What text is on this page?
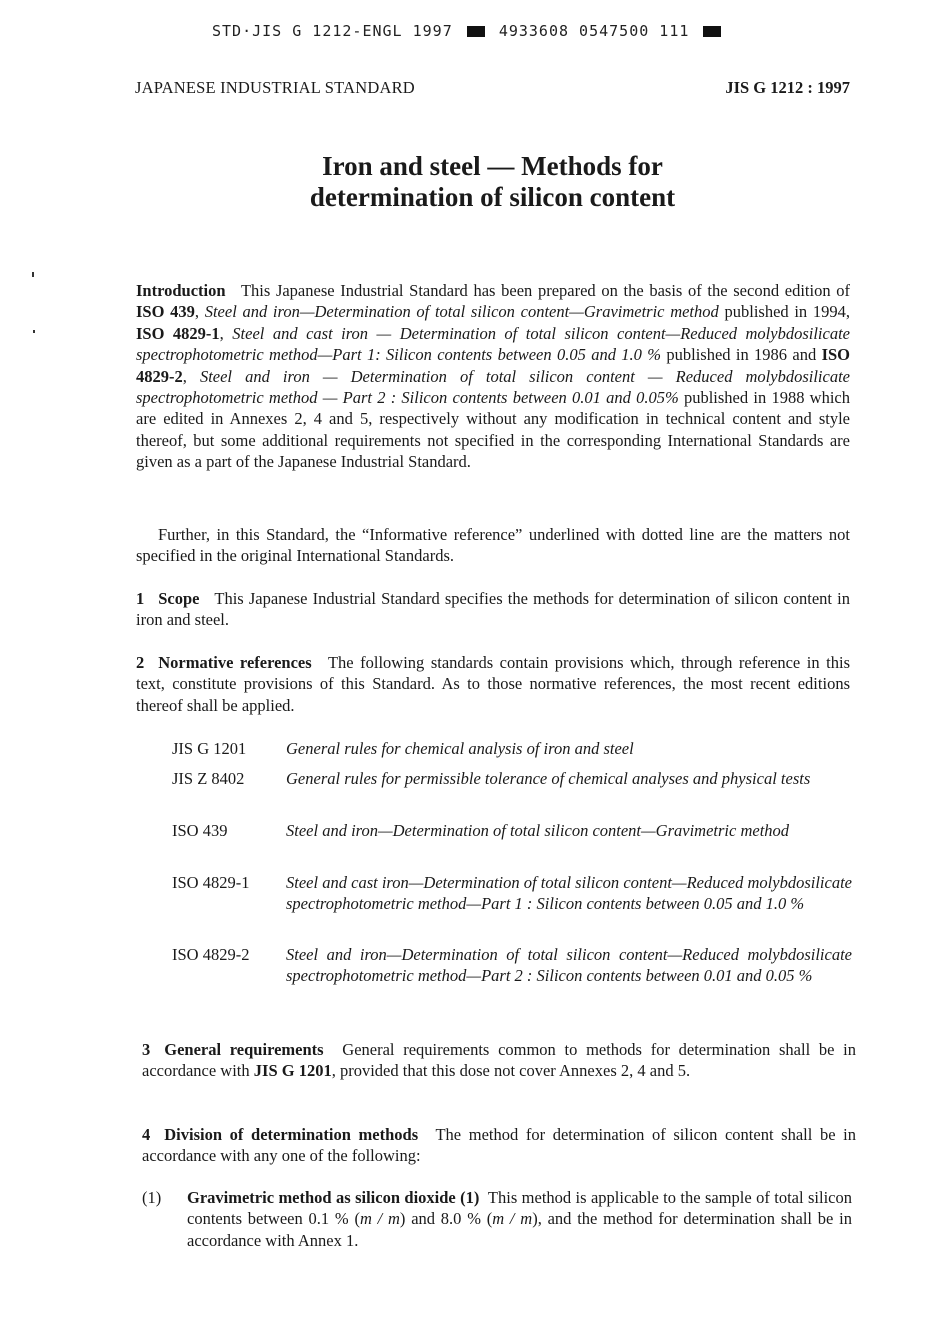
STD·JIS G 1212-ENGL 1997	4933608 0547500 111
JAPANESE INDUSTRIAL STANDARD	JIS G 1212 : 1997
Iron and steel — Methods for
determination of silicon content
Introduction This Japanese Industrial Standard has been prepared on the basis of the second edition of ISO 439, Steel and iron—Determination of total silicon content—Gravimetric method published in 1994, ISO 4829-1, Steel and cast iron — Determination of total silicon content—Reduced molybdosilicate spectrophotometric method—Part 1: Silicon contents between 0.05 and 1.0 % published in 1986 and ISO 4829-2, Steel and iron — Determination of total silicon content — Reduced molybdosilicate spectrophotometric method — Part 2 : Silicon contents between 0.01 and 0.05% published in 1988 which are edited in Annexes 2, 4 and 5, respectively without any modification in technical content and style thereof, but some additional requirements not specified in the corresponding International Standards are given as a part of the Japanese Industrial Standard.
Further, in this Standard, the “Informative reference” underlined with dotted line are the matters not specified in the original International Standards.
1 Scope This Japanese Industrial Standard specifies the methods for determination of silicon content in iron and steel.
2 Normative references The following standards contain provisions which, through reference in this text, constitute provisions of this Standard. As to those normative references, the most recent editions thereof shall be applied.
JIS G 1201	General rules for chemical analysis of iron and steel
JIS Z 8402	General rules for permissible tolerance of chemical analyses and physical tests
ISO 439	Steel and iron—Determination of total silicon content—Gravimetric method
ISO 4829-1	Steel and cast iron—Determination of total silicon content—Reduced molybdosilicate spectrophotometric method—Part 1 : Silicon contents between 0.05 and 1.0 %
ISO 4829-2	Steel and iron—Determination of total silicon content—Reduced molybdosilicate spectrophotometric method—Part 2 : Silicon contents between 0.01 and 0.05 %
3 General requirements General requirements common to methods for determination shall be in accordance with JIS G 1201, provided that this dose not cover Annexes 2, 4 and 5.
4 Division of determination methods The method for determination of silicon content shall be in accordance with any one of the following:
(1) Gravimetric method as silicon dioxide (1) This method is applicable to the sample of total silicon contents between 0.1 % (m / m) and 8.0 % (m / m), and the method for determination shall be in accordance with Annex 1.
